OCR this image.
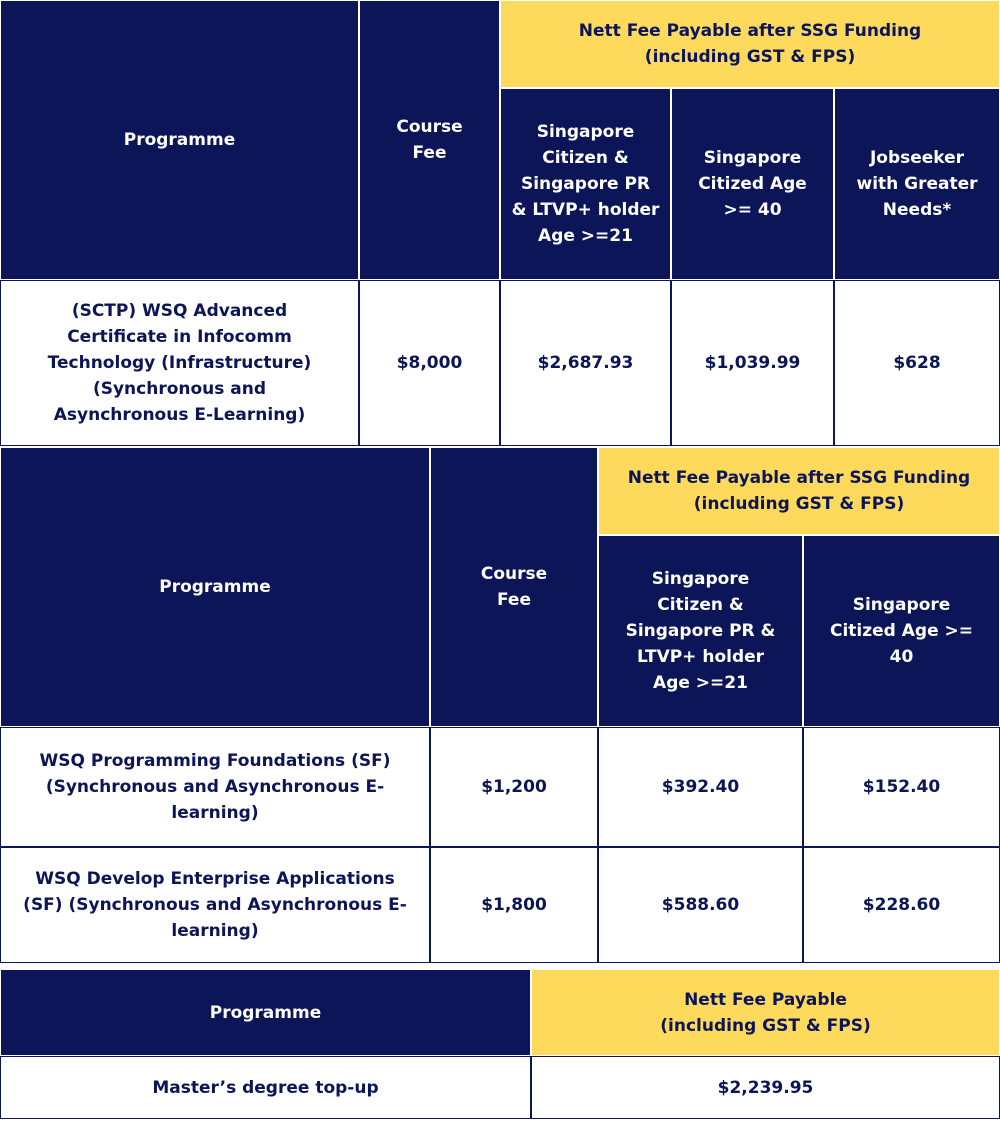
Programme	Course Fee	Nett Fee Payable after SSG Funding (including GST & FPS)		
		Singapore Citizen & Singapore PR & LTVP+ holder Age >=21	Singapore Citized Age >= 40	Jobseeker with Greater Needs*
(SCTP) WSQ Advanced Certificate in Infocomm Technology (Infrastructure) (Synchronous and Asynchronous E-Learning)	$8,000	$2,687.93	$1,039.99	$628
Programme	Course Fee	Nett Fee Payable after SSG Funding (including GST & FPS)	
		Singapore Citizen & Singapore PR & LTVP+ holder Age >=21	Singapore Citized Age >= 40
WSQ Programming Foundations (SF) (Synchronous and Asynchronous E-learning)	$1,200	$392.40	$152.40
WSQ Develop Enterprise Applications (SF) (Synchronous and Asynchronous E-learning)	$1,800	$588.60	$228.60
Programme	Nett Fee Payable
(including GST & FPS)

Master’s degree top-up	$2,239.95
